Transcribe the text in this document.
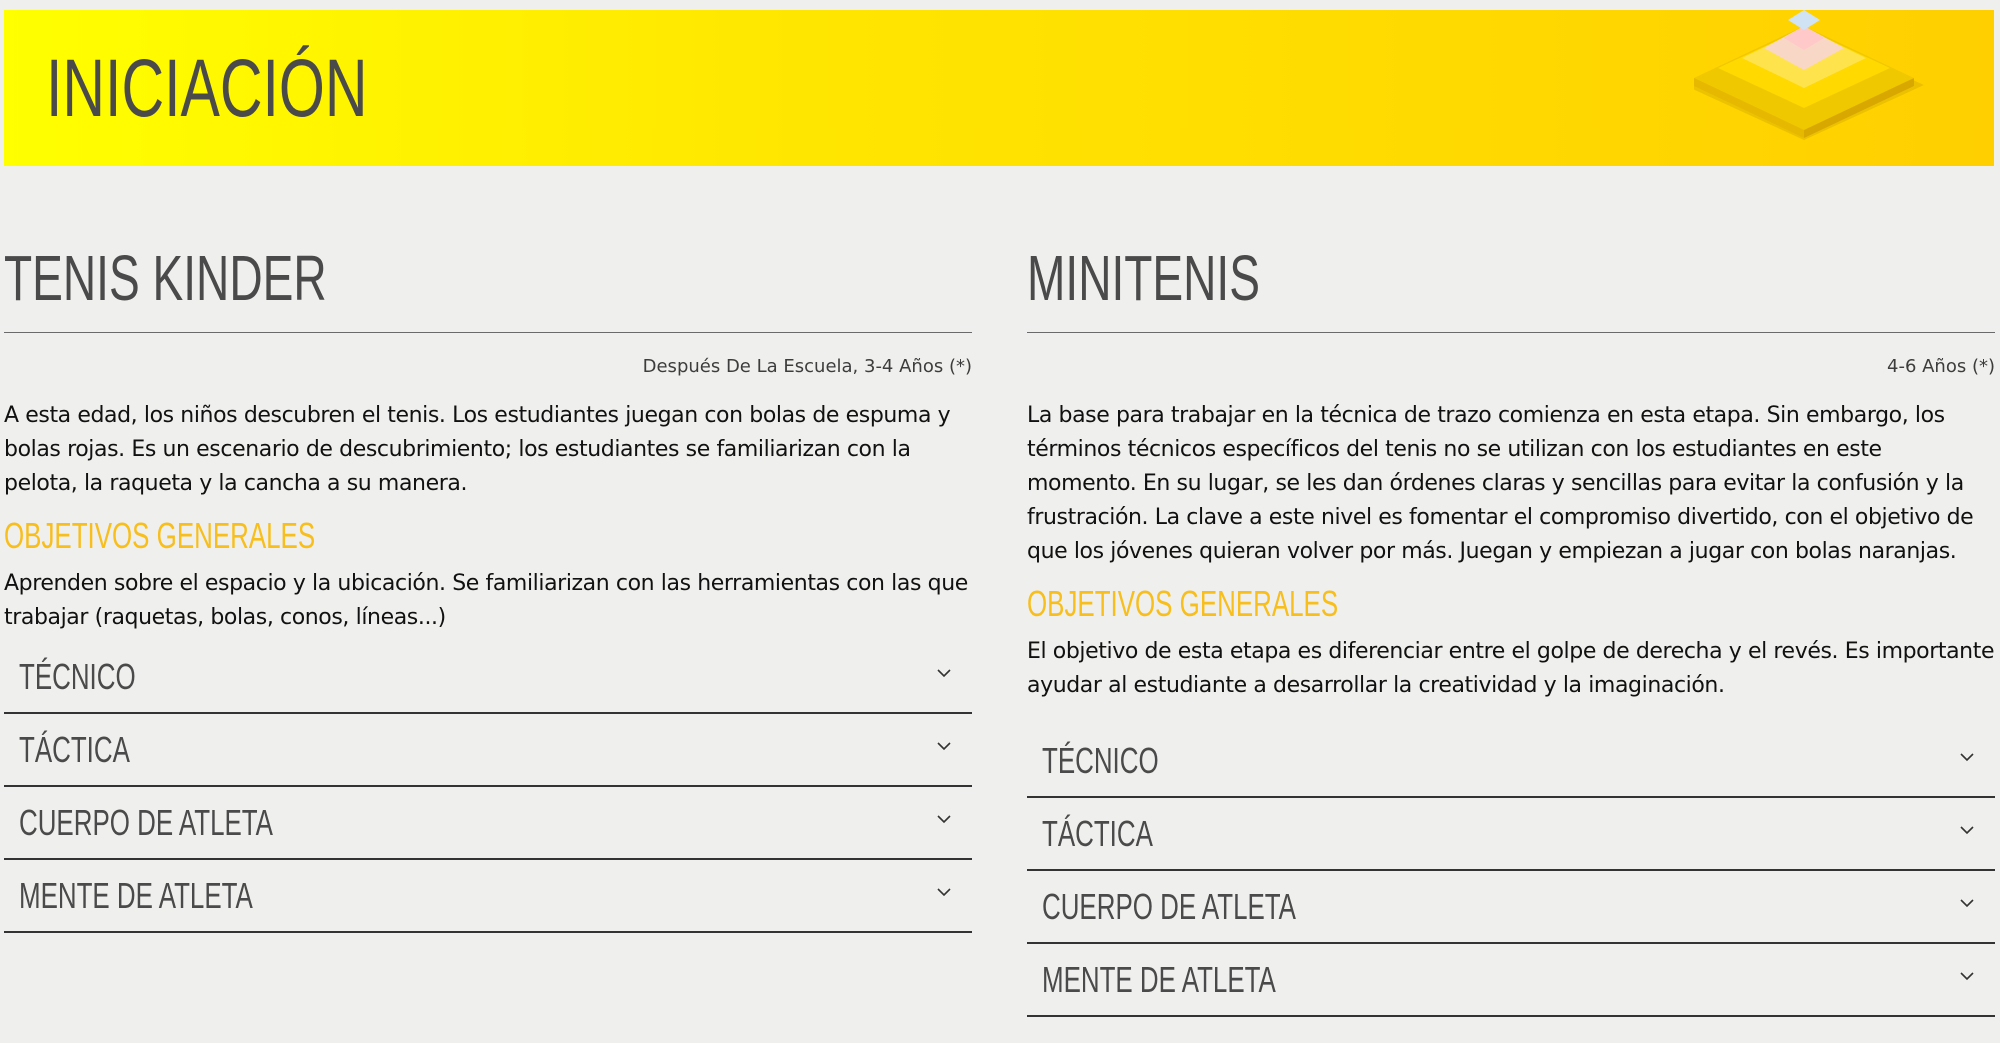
INICIACIÓN
TENIS KINDER
Después De La Escuela, 3-4 Años (*)
A esta edad, los niños descubren el tenis. Los estudiantes juegan con bolas de espuma y bolas rojas. Es un escenario de descubrimiento; los estudiantes se familiarizan con la pelota, la raqueta y la cancha a su manera.
OBJETIVOS GENERALES
Aprenden sobre el espacio y la ubicación. Se familiarizan con las herramientas con las que trabajar (raquetas, bolas, conos, líneas...)
TÉCNICO
TÁCTICA
CUERPO DE ATLETA
MENTE DE ATLETA
MINITENIS
4-6 Años (*)
La base para trabajar en la técnica de trazo comienza en esta etapa. Sin embargo, los términos técnicos específicos del tenis no se utilizan con los estudiantes en este momento. En su lugar, se les dan órdenes claras y sencillas para evitar la confusión y la frustración. La clave a este nivel es fomentar el compromiso divertido, con el objetivo de que los jóvenes quieran volver por más. Juegan y empiezan a jugar con bolas naranjas.
OBJETIVOS GENERALES
El objetivo de esta etapa es diferenciar entre el golpe de derecha y el revés. Es importante ayudar al estudiante a desarrollar la creatividad y la imaginación.
TÉCNICO
TÁCTICA
CUERPO DE ATLETA
MENTE DE ATLETA
